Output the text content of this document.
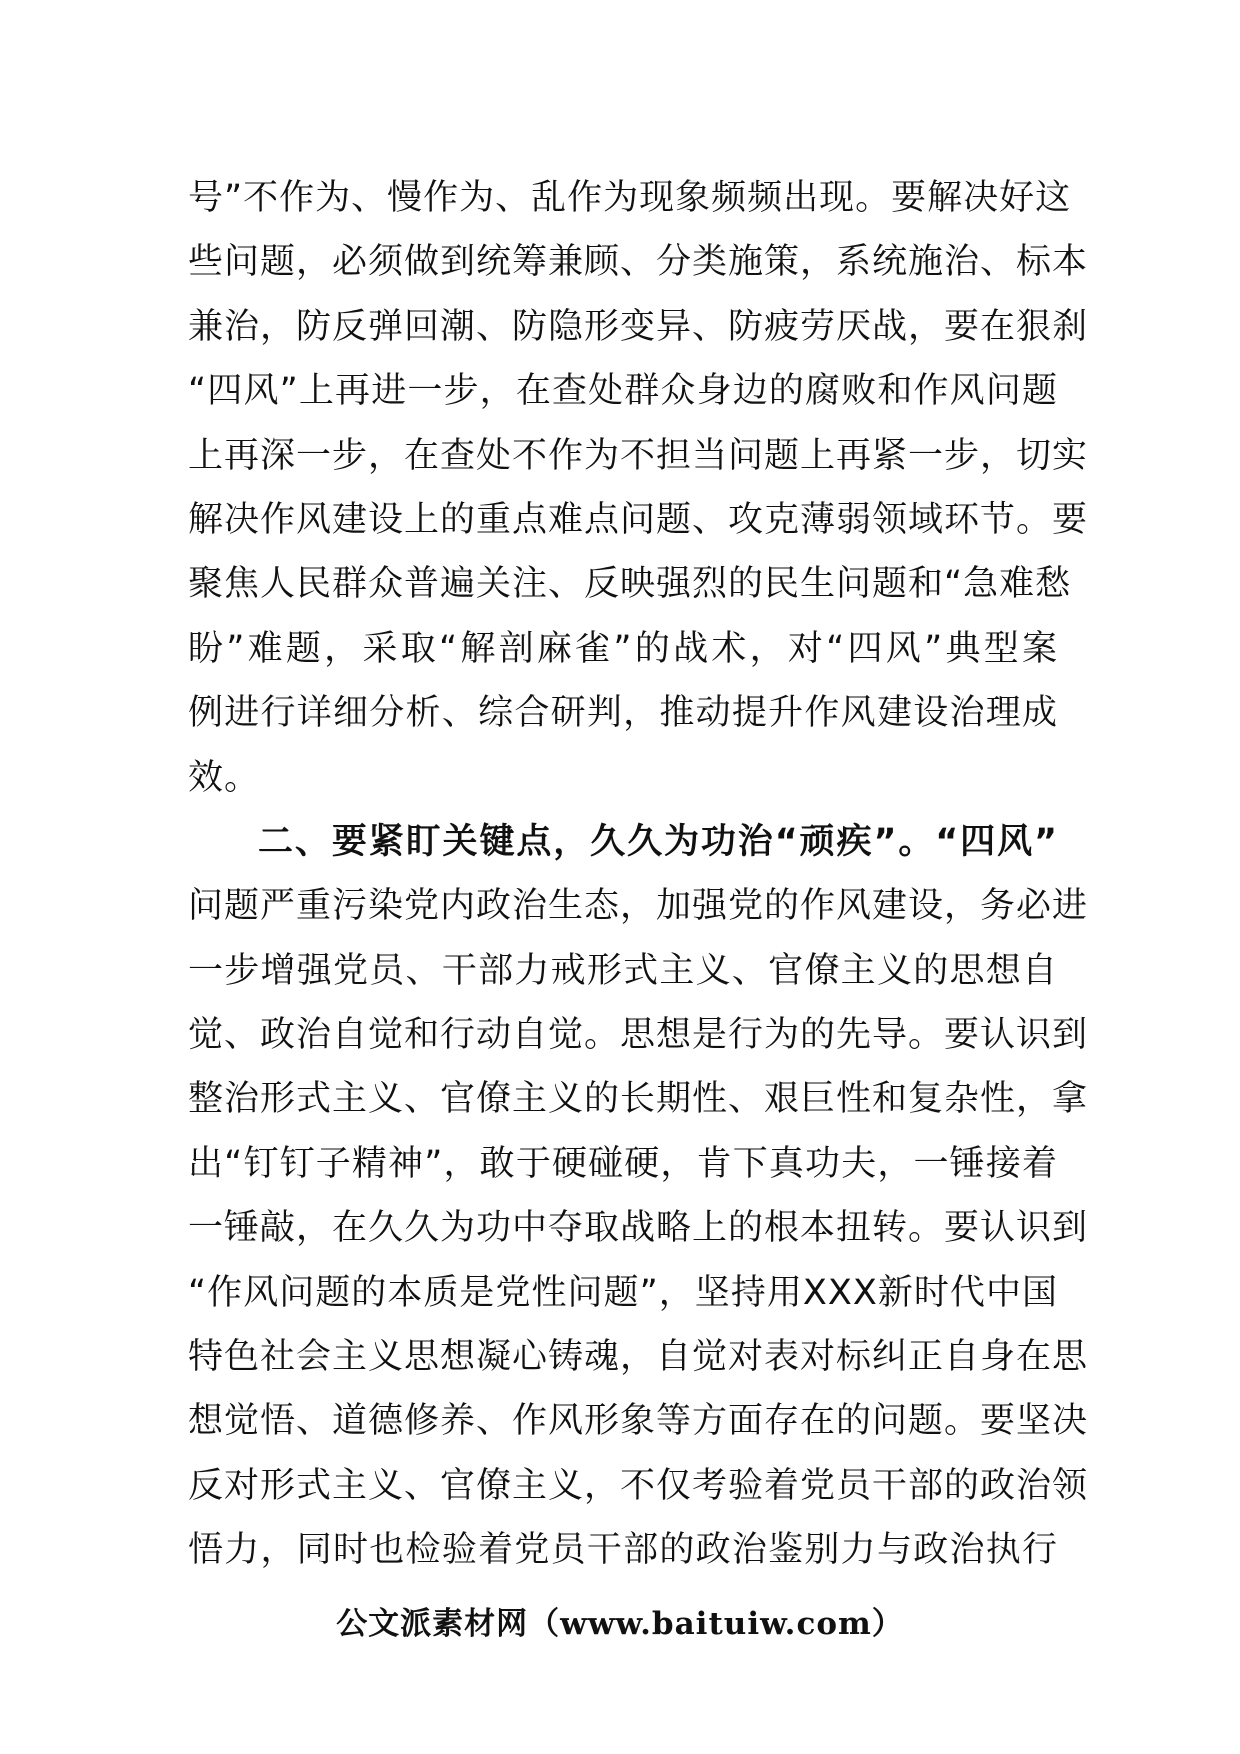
号”不作为、慢作为、乱作为现象频频出现。要解决好这
些问题，必须做到统筹兼顾、分类施策，系统施治、标本
兼治，防反弹回潮、防隐形变异、防疲劳厌战，要在狠刹
“四风”上再进一步，在查处群众身边的腐败和作风问题
上再深一步，在查处不作为不担当问题上再紧一步，切实
解决作风建设上的重点难点问题、攻克薄弱领域环节。要
聚焦人民群众普遍关注、反映强烈的民生问题和“急难愁
盼”难题，采取“解剖麻雀”的战术，对“四风”典型案
例进行详细分析、综合研判，推动提升作风建设治理成
效。
二、要紧盯关键点，久久为功治“顽疾”。“四风”
问题严重污染党内政治生态，加强党的作风建设，务必进
一步增强党员、干部力戒形式主义、官僚主义的思想自
觉、政治自觉和行动自觉。思想是行为的先导。要认识到
整治形式主义、官僚主义的长期性、艰巨性和复杂性，拿
出“钉钉子精神”，敢于硬碰硬，肯下真功夫，一锤接着
一锤敲，在久久为功中夺取战略上的根本扭转。要认识到
“作风问题的本质是党性问题”，坚持用XXX新时代中国
特色社会主义思想凝心铸魂，自觉对表对标纠正自身在思
想觉悟、道德修养、作风形象等方面存在的问题。要坚决
反对形式主义、官僚主义，不仅考验着党员干部的政治领
悟力，同时也检验着党员干部的政治鉴别力与政治执行
公文派素材网（www.baituiw.com）
